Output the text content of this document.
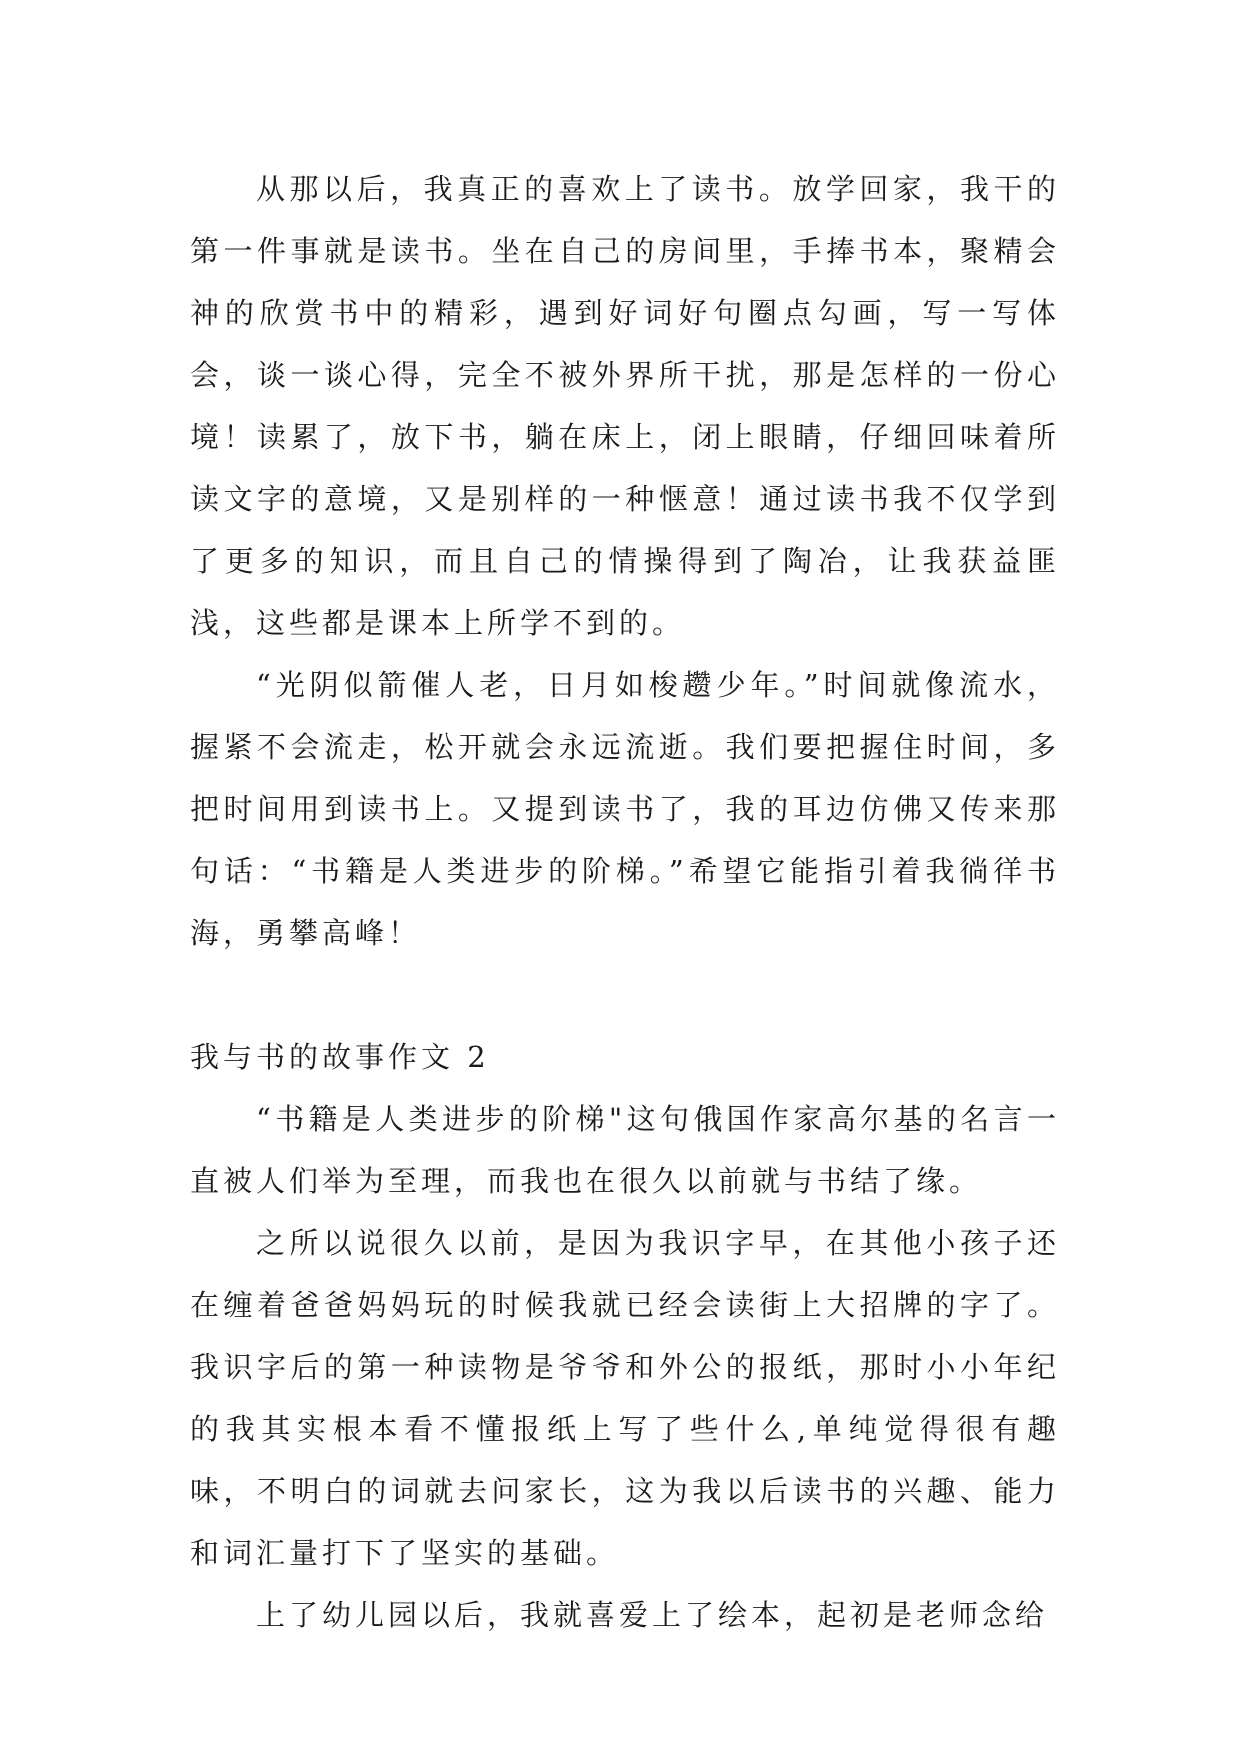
从那以后，我真正的喜欢上了读书。放学回家，我干的第一件事就是读书。坐在自己的房间里，手捧书本，聚精会神的欣赏书中的精彩，遇到好词好句圈点勾画，写一写体会，谈一谈心得，完全不被外界所干扰，那是怎样的一份心境！读累了，放下书，躺在床上，闭上眼睛，仔细回味着所读文字的意境，又是别样的一种惬意！通过读书我不仅学到了更多的知识，而且自己的情操得到了陶冶，让我获益匪浅，这些都是课本上所学不到的。

“光阴似箭催人老，日月如梭趱少年。”时间就像流水，握紧不会流走，松开就会永远流逝。我们要把握住时间，多把时间用到读书上。又提到读书了，我的耳边仿佛又传来那句话：“书籍是人类进步的阶梯。”希望它能指引着我徜徉书海，勇攀高峰！

我与书的故事作文 2

“书籍是人类进步的阶梯"这句俄国作家高尔基的名言一直被人们举为至理，而我也在很久以前就与书结了缘。

之所以说很久以前，是因为我识字早，在其他小孩子还在缠着爸爸妈妈玩的时候我就已经会读街上大招牌的字了。我识字后的第一种读物是爷爷和外公的报纸，那时小小年纪的我其实根本看不懂报纸上写了些什么,单纯觉得很有趣味，不明白的词就去问家长，这为我以后读书的兴趣、能力和词汇量打下了坚实的基础。

上了幼儿园以后，我就喜爱上了绘本，起初是老师念给
